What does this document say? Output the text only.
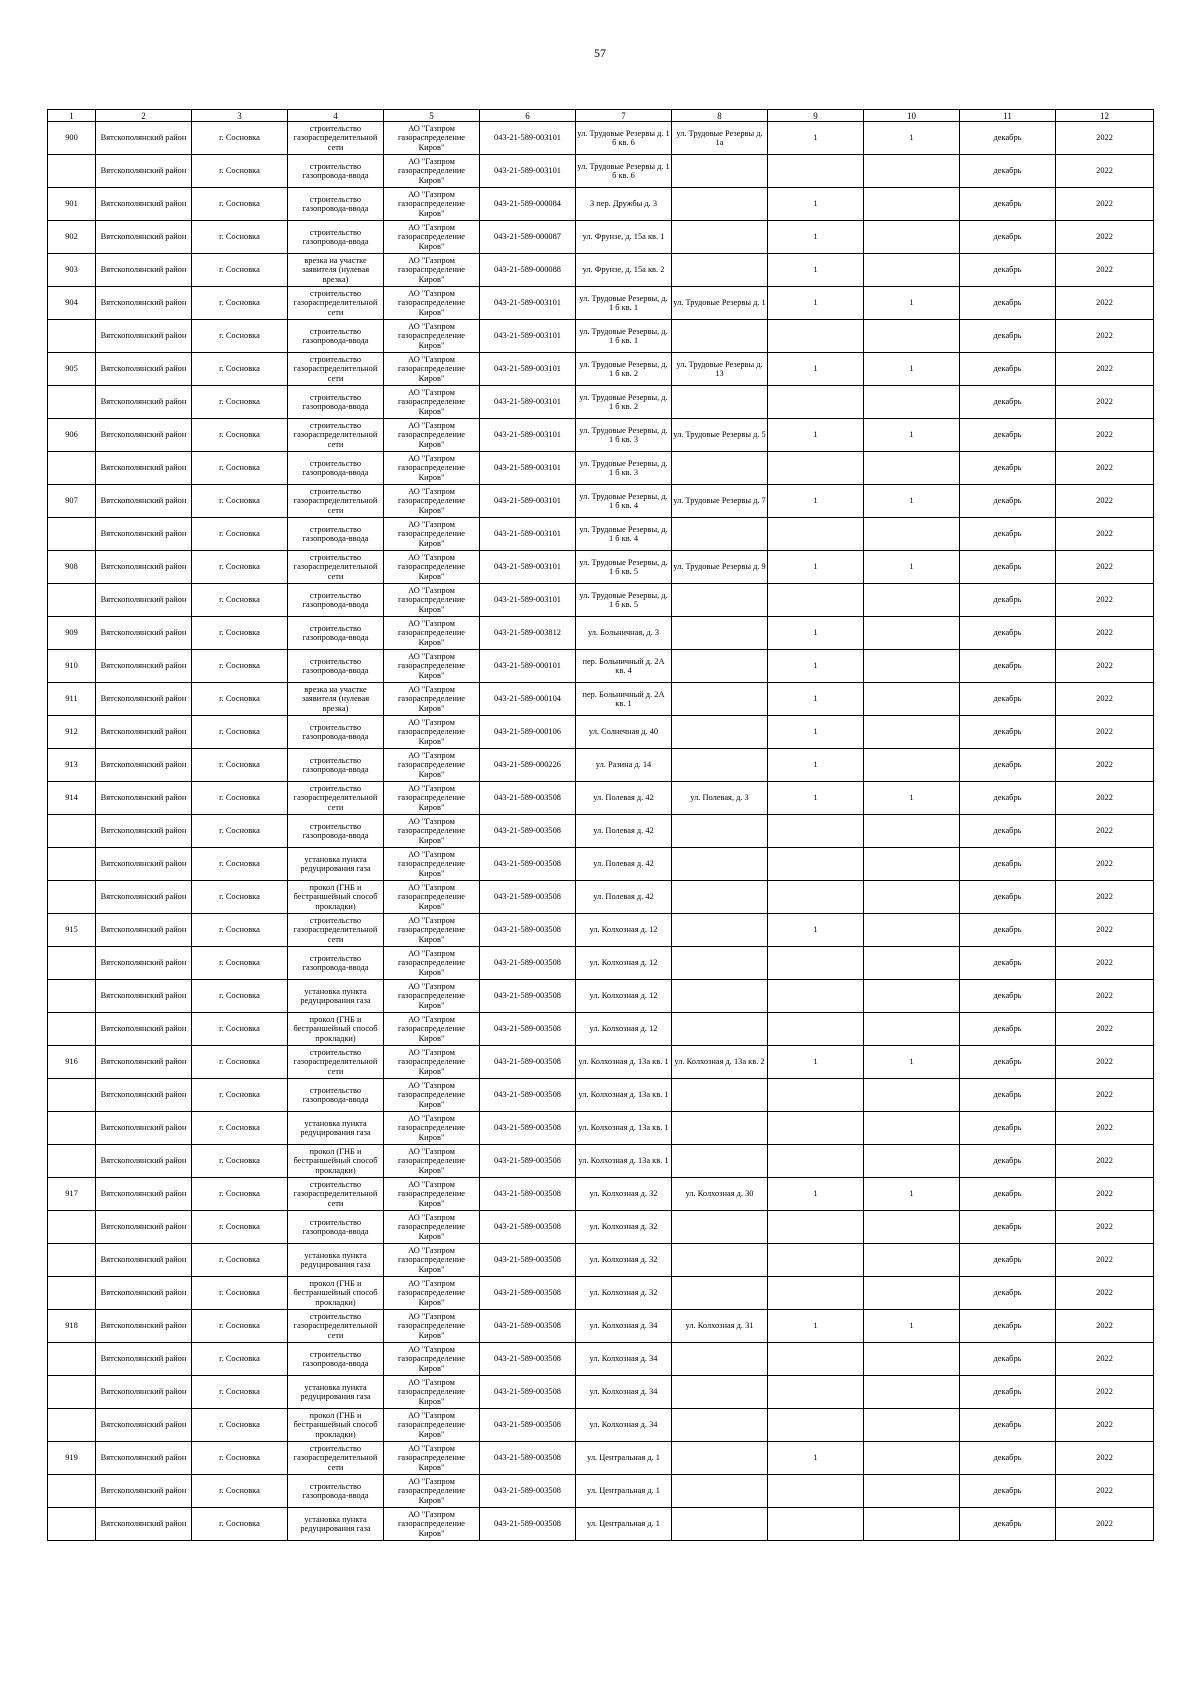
57
1	2	3	4	5	6	7	8	9	10	11	12

900	Вятскополянский район	г. Сосновка	строительство газораспределительной сети	АО "Газпром газораспределение Киров"	043-21-589-003101	ул. Трудовые Резервы д. 1 б кв. 6	ул. Трудовые Резервы д. 1а	1	1	декабрь	2022

	Вятскополянский район	г. Сосновка	строительство газопровода-ввода	АО "Газпром газораспределение Киров"	043-21-589-003101	ул. Трудовые Резервы д. 1 б кв. 6				декабрь	2022

901	Вятскополянский район	г. Сосновка	строительство газопровода-ввода	АО "Газпром газораспределение Киров"	043-21-589-000084	3 пер. Дружбы д. 3		1		декабрь	2022

902	Вятскополянский район	г. Сосновка	строительство газопровода-ввода	АО "Газпром газораспределение Киров"	043-21-589-000087	ул. Фрунзе, д. 15а кв. 1		1		декабрь	2022

903	Вятскополянский район	г. Сосновка	врезка на участке заявителя (нулевая врезка)	АО "Газпром газораспределение Киров"	043-21-589-000088	ул. Фрунзе, д. 15а кв. 2		1		декабрь	2022

904	Вятскополянский район	г. Сосновка	строительство газораспределительной сети	АО "Газпром газораспределение Киров"	043-21-589-003101	ул. Трудовые Резервы, д. 1 б кв. 1	ул. Трудовые Резервы д. 1	1	1	декабрь	2022

	Вятскополянский район	г. Сосновка	строительство газопровода-ввода	АО "Газпром газораспределение Киров"	043-21-589-003101	ул. Трудовые Резервы, д. 1 б кв. 1				декабрь	2022

905	Вятскополянский район	г. Сосновка	строительство газораспределительной сети	АО "Газпром газораспределение Киров"	043-21-589-003101	ул. Трудовые Резервы, д. 1 б кв. 2	ул. Трудовые Резервы д. 13	1	1	декабрь	2022

	Вятскополянский район	г. Сосновка	строительство газопровода-ввода	АО "Газпром газораспределение Киров"	043-21-589-003101	ул. Трудовые Резервы, д. 1 б кв. 2				декабрь	2022

906	Вятскополянский район	г. Сосновка	строительство газораспределительной сети	АО "Газпром газораспределение Киров"	043-21-589-003101	ул. Трудовые Резервы, д. 1 б кв. 3	ул. Трудовые Резервы д. 5	1	1	декабрь	2022

	Вятскополянский район	г. Сосновка	строительство газопровода-ввода	АО "Газпром газораспределение Киров"	043-21-589-003101	ул. Трудовые Резервы, д. 1 б кв. 3				декабрь	2022

907	Вятскополянский район	г. Сосновка	строительство газораспределительной сети	АО "Газпром газораспределение Киров"	043-21-589-003101	ул. Трудовые Резервы, д. 1 б кв. 4	ул. Трудовые Резервы д. 7	1	1	декабрь	2022

	Вятскополянский район	г. Сосновка	строительство газопровода-ввода	АО "Газпром газораспределение Киров"	043-21-589-003101	ул. Трудовые Резервы, д. 1 б кв. 4				декабрь	2022

908	Вятскополянский район	г. Сосновка	строительство газораспределительной сети	АО "Газпром газораспределение Киров"	043-21-589-003101	ул. Трудовые Резервы, д. 1 б кв. 5	ул. Трудовые Резервы д. 9	1	1	декабрь	2022

	Вятскополянский район	г. Сосновка	строительство газопровода-ввода	АО "Газпром газораспределение Киров"	043-21-589-003101	ул. Трудовые Резервы, д. 1 б кв. 5				декабрь	2022

909	Вятскополянский район	г. Сосновка	строительство газопровода-ввода	АО "Газпром газораспределение Киров"	043-21-589-003812	ул. Больничная, д. 3		1		декабрь	2022

910	Вятскополянский район	г. Сосновка	строительство газопровода-ввода	АО "Газпром газораспределение Киров"	043-21-589-000101	пер. Больничный д. 2А кв. 4		1		декабрь	2022

911	Вятскополянский район	г. Сосновка	врезка на участке заявителя (нулевая врезка)	АО "Газпром газораспределение Киров"	043-21-589-000104	пер. Больничный д. 2А кв. 1		1		декабрь	2022

912	Вятскополянский район	г. Сосновка	строительство газопровода-ввода	АО "Газпром газораспределение Киров"	043-21-589-000106	ул. Солнечная д. 40		1		декабрь	2022

913	Вятскополянский район	г. Сосновка	строительство газопровода-ввода	АО "Газпром газораспределение Киров"	043-21-589-000226	ул. Разина д. 14		1		декабрь	2022

914	Вятскополянский район	г. Сосновка	строительство газораспределительной сети	АО "Газпром газораспределение Киров"	043-21-589-003508	ул. Полевая д. 42	ул. Полевая, д. 3	1	1	декабрь	2022

	Вятскополянский район	г. Сосновка	строительство газопровода-ввода	АО "Газпром газораспределение Киров"	043-21-589-003508	ул. Полевая д. 42				декабрь	2022

	Вятскополянский район	г. Сосновка	установка пункта редуцирования газа	АО "Газпром газораспределение Киров"	043-21-589-003508	ул. Полевая д. 42				декабрь	2022

	Вятскополянский район	г. Сосновка	прокол (ГНБ и бестраншейный способ прокладки)	АО "Газпром газораспределение Киров"	043-21-589-003508	ул. Полевая д. 42				декабрь	2022

915	Вятскополянский район	г. Сосновка	строительство газораспределительной сети	АО "Газпром газораспределение Киров"	043-21-589-003508	ул. Колхозная д. 12		1		декабрь	2022

	Вятскополянский район	г. Сосновка	строительство газопровода-ввода	АО "Газпром газораспределение Киров"	043-21-589-003508	ул. Колхозная д. 12				декабрь	2022

	Вятскополянский район	г. Сосновка	установка пункта редуцирования газа	АО "Газпром газораспределение Киров"	043-21-589-003508	ул. Колхозная д. 12				декабрь	2022

	Вятскополянский район	г. Сосновка	прокол (ГНБ и бестраншейный способ прокладки)	АО "Газпром газораспределение Киров"	043-21-589-003508	ул. Колхозная д. 12				декабрь	2022

916	Вятскополянский район	г. Сосновка	строительство газораспределительной сети	АО "Газпром газораспределение Киров"	043-21-589-003508	ул. Колхозная д. 13а кв. 1	ул. Колхозная д. 13а кв. 2	1	1	декабрь	2022

	Вятскополянский район	г. Сосновка	строительство газопровода-ввода	АО "Газпром газораспределение Киров"	043-21-589-003508	ул. Колхозная д. 13а кв. 1				декабрь	2022

	Вятскополянский район	г. Сосновка	установка пункта редуцирования газа	АО "Газпром газораспределение Киров"	043-21-589-003508	ул. Колхозная д. 13а кв. 1				декабрь	2022

	Вятскополянский район	г. Сосновка	прокол (ГНБ и бестраншейный способ прокладки)	АО "Газпром газораспределение Киров"	043-21-589-003508	ул. Колхозная д. 13а кв. 1				декабрь	2022

917	Вятскополянский район	г. Сосновка	строительство газораспределительной сети	АО "Газпром газораспределение Киров"	043-21-589-003508	ул. Колхозная д. 32	ул. Колхозная д. 30	1	1	декабрь	2022

	Вятскополянский район	г. Сосновка	строительство газопровода-ввода	АО "Газпром газораспределение Киров"	043-21-589-003508	ул. Колхозная д. 32				декабрь	2022

	Вятскополянский район	г. Сосновка	установка пункта редуцирования газа	АО "Газпром газораспределение Киров"	043-21-589-003508	ул. Колхозная д. 32				декабрь	2022

	Вятскополянский район	г. Сосновка	прокол (ГНБ и бестраншейный способ прокладки)	АО "Газпром газораспределение Киров"	043-21-589-003508	ул. Колхозная д. 32				декабрь	2022

918	Вятскополянский район	г. Сосновка	строительство газораспределительной сети	АО "Газпром газораспределение Киров"	043-21-589-003508	ул. Колхозная д. 34	ул. Колхозная д. 31	1	1	декабрь	2022

	Вятскополянский район	г. Сосновка	строительство газопровода-ввода	АО "Газпром газораспределение Киров"	043-21-589-003508	ул. Колхозная д. 34				декабрь	2022

	Вятскополянский район	г. Сосновка	установка пункта редуцирования газа	АО "Газпром газораспределение Киров"	043-21-589-003508	ул. Колхозная д. 34				декабрь	2022

	Вятскополянский район	г. Сосновка	прокол (ГНБ и бестраншейный способ прокладки)	АО "Газпром газораспределение Киров"	043-21-589-003508	ул. Колхозная д. 34				декабрь	2022

919	Вятскополянский район	г. Сосновка	строительство газораспределительной сети	АО "Газпром газораспределение Киров"	043-21-589-003508	ул. Центральная д. 1		1		декабрь	2022

	Вятскополянский район	г. Сосновка	строительство газопровода-ввода	АО "Газпром газораспределение Киров"	043-21-589-003508	ул. Центральная д. 1				декабрь	2022

	Вятскополянский район	г. Сосновка	установка пункта редуцирования газа	АО "Газпром газораспределение Киров"	043-21-589-003508	ул. Центральная д. 1				декабрь	2022
